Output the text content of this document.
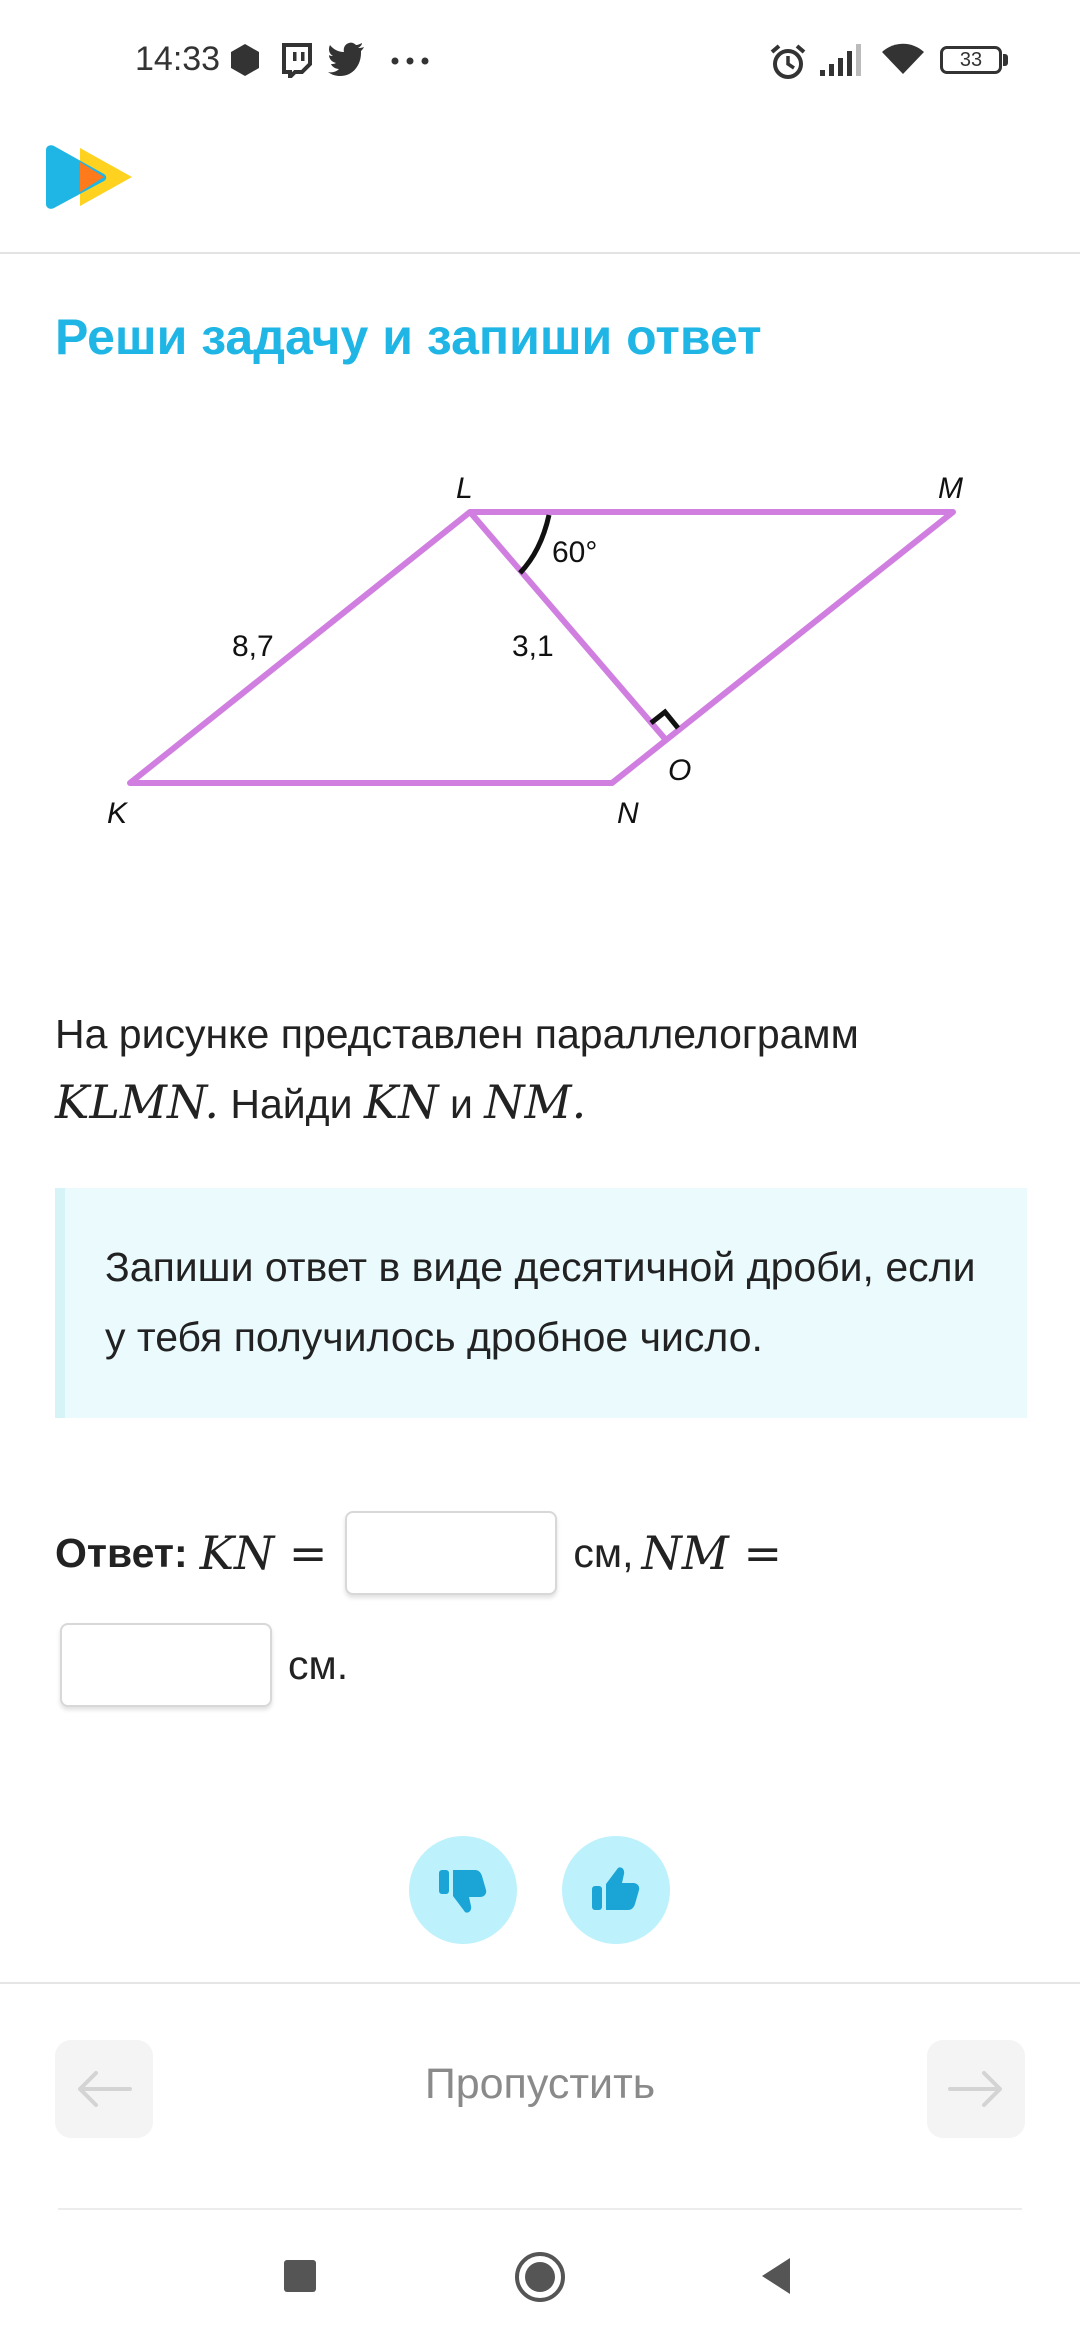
14:33	33
Реши задачу и запиши ответ
L	M
K	N
O
8,7	3,1
60°
На рисунке представлен параллелограмм
KLMN. Найди KN и NM.
Запиши ответ в виде десятичной дроби, если у тебя получилось дробное число.
Ответ: KN =	см, NM =
см.
Пропустить
